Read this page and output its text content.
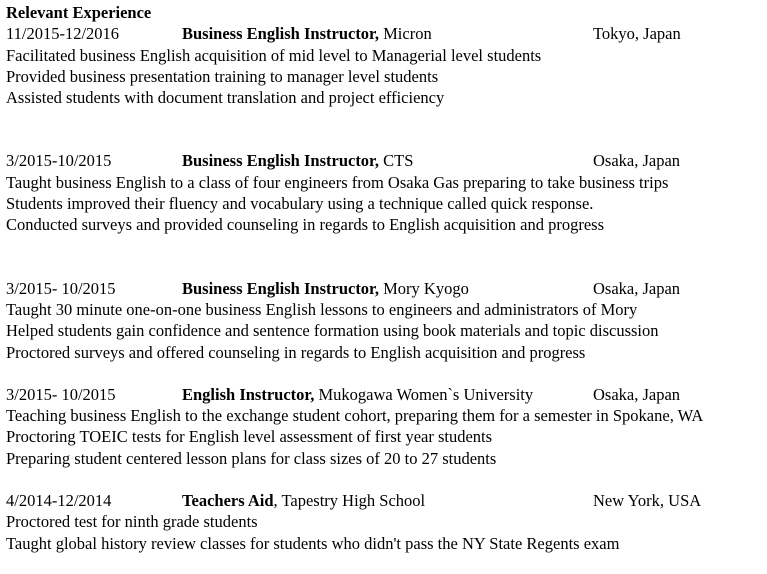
Relevant Experience
11/2015-12/2016	Business English Instructor, Micron	Tokyo, Japan
Facilitated business English acquisition of mid level to Managerial level students
Provided business presentation training to manager level students
Assisted students with document translation and project efficiency
3/2015-10/2015	Business English Instructor, CTS	Osaka, Japan
Taught business English to a class of four engineers from Osaka Gas preparing to take business trips
Students improved their fluency and vocabulary using a technique called quick response.
Conducted surveys and provided counseling in regards to English acquisition and progress
3/2015- 10/2015	Business English Instructor, Mory Kyogo	Osaka, Japan
Taught 30 minute one-on-one business English lessons to engineers and administrators of Mory
Helped students gain confidence and sentence formation using book materials and topic discussion
Proctored surveys and offered counseling in regards to English acquisition and progress
3/2015- 10/2015	English Instructor, Mukogawa Women`s University	Osaka, Japan
Teaching business English to the exchange student cohort, preparing them for a semester in Spokane, WA
Proctoring TOEIC tests for English level assessment of first year students
Preparing student centered lesson plans for class sizes of 20 to 27 students
4/2014-12/2014	Teachers Aid, Tapestry High School	New York, USA
Proctored test for ninth grade students
Taught global history review classes for students who didn't pass the NY State Regents exam
